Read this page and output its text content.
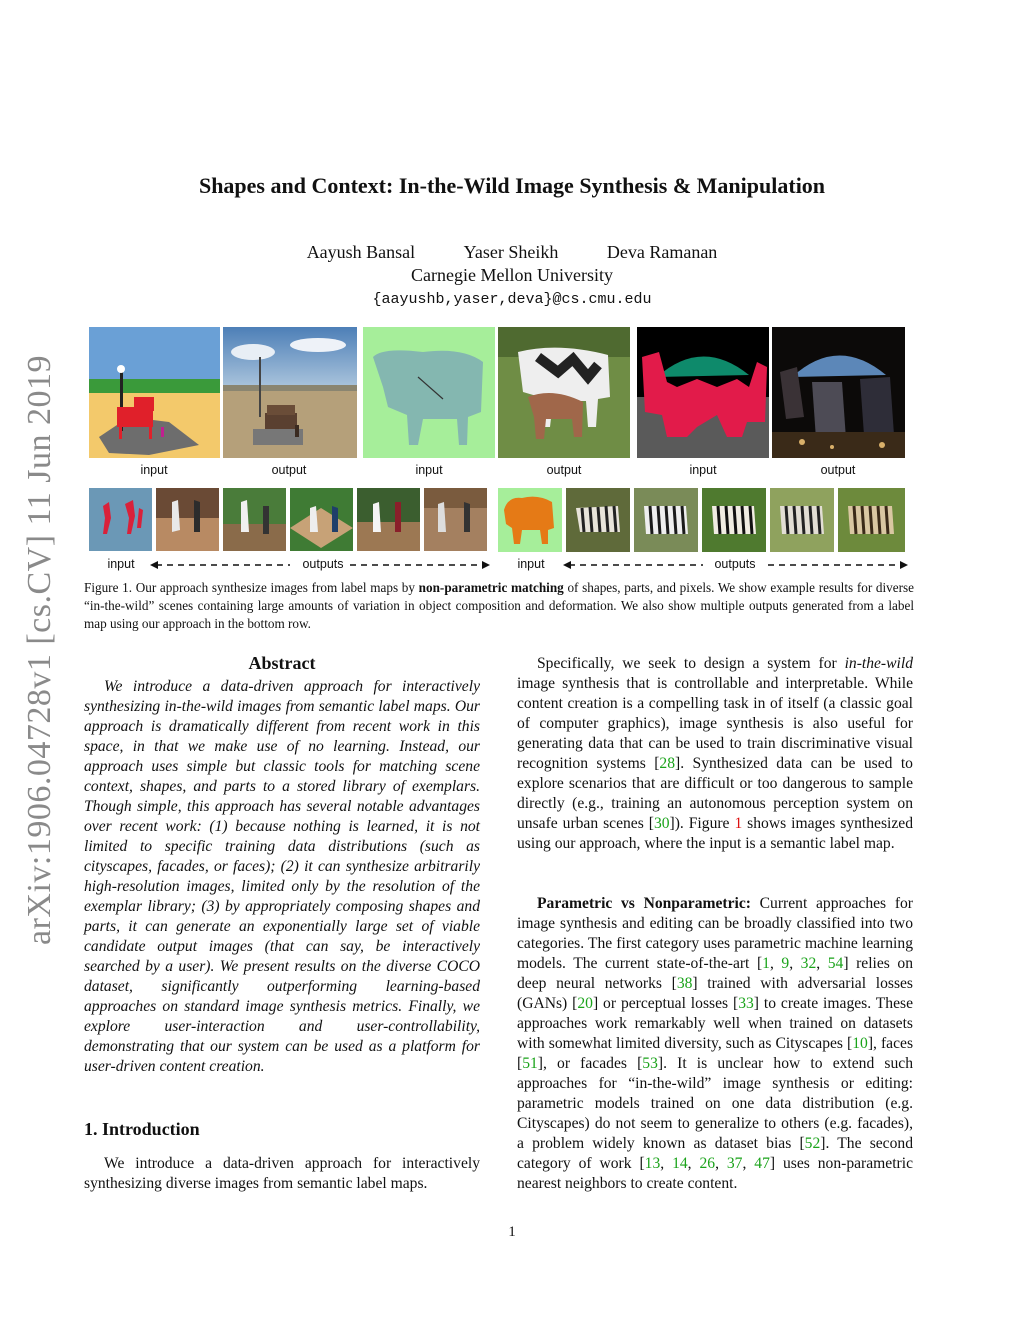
arXiv:1906.04728v1 [cs.CV] 11 Jun 2019
Shapes and Context: In-the-Wild Image Synthesis & Manipulation
Aayush Bansal	Yaser Sheikh	Deva Ramanan
Carnegie Mellon University
{aayushb,yaser,deva}@cs.cmu.edu
input	output	input	output	input	output
input	outputs	input	outputs
Figure 1. Our approach synthesize images from label maps by non-parametric matching of shapes, parts, and pixels. We show example results for diverse “in-the-wild” scenes containing large amounts of variation in object composition and deformation. We also show multiple outputs generated from a label map using our approach in the bottom row.
Abstract
We introduce a data-driven approach for interactively synthesizing in-the-wild images from semantic label maps. Our approach is dramatically different from recent work in this space, in that we make use of no learning. Instead, our approach uses simple but classic tools for matching scene context, shapes, and parts to a stored library of exemplars. Though simple, this approach has several notable advantages over recent work: (1) because nothing is learned, it is not limited to specific training data distributions (such as cityscapes, facades, or faces); (2) it can synthesize arbitrarily high-resolution images, limited only by the resolution of the exemplar library; (3) by appropriately composing shapes and parts, it can generate an exponentially large set of viable candidate output images (that can say, be interactively searched by a user). We present results on the diverse COCO dataset, significantly outperforming learning-based approaches on standard image synthesis metrics. Finally, we explore user-interaction and user-controllability, demonstrating that our system can be used as a platform for user-driven content creation.
1. Introduction
We introduce a data-driven approach for interactively synthesizing diverse images from semantic label maps.
Specifically, we seek to design a system for in-the-wild image synthesis that is controllable and interpretable. While content creation is a compelling task in of itself (a classic goal of computer graphics), image synthesis is also useful for generating data that can be used to train discriminative visual recognition systems [28]. Synthesized data can be used to explore scenarios that are difficult or too dangerous to sample directly (e.g., training an autonomous perception system on unsafe urban scenes [30]). Figure 1 shows images synthesized using our approach, where the input is a semantic label map.
Parametric vs Nonparametric: Current approaches for image synthesis and editing can be broadly classified into two categories. The first category uses parametric machine learning models. The current state-of-the-art [1, 9, 32, 54] relies on deep neural networks [38] trained with adversarial losses (GANs) [20] or perceptual losses [33] to create images. These approaches work remarkably well when trained on datasets with somewhat limited diversity, such as Cityscapes [10], faces [51], or facades [53]. It is unclear how to extend such approaches for “in-the-wild” image synthesis or editing: parametric models trained on one data distribution (e.g. Cityscapes) do not seem to generalize to others (e.g. facades), a problem widely known as dataset bias [52]. The second category of work [13, 14, 26, 37, 47] uses non-parametric nearest neighbors to create content.
1
